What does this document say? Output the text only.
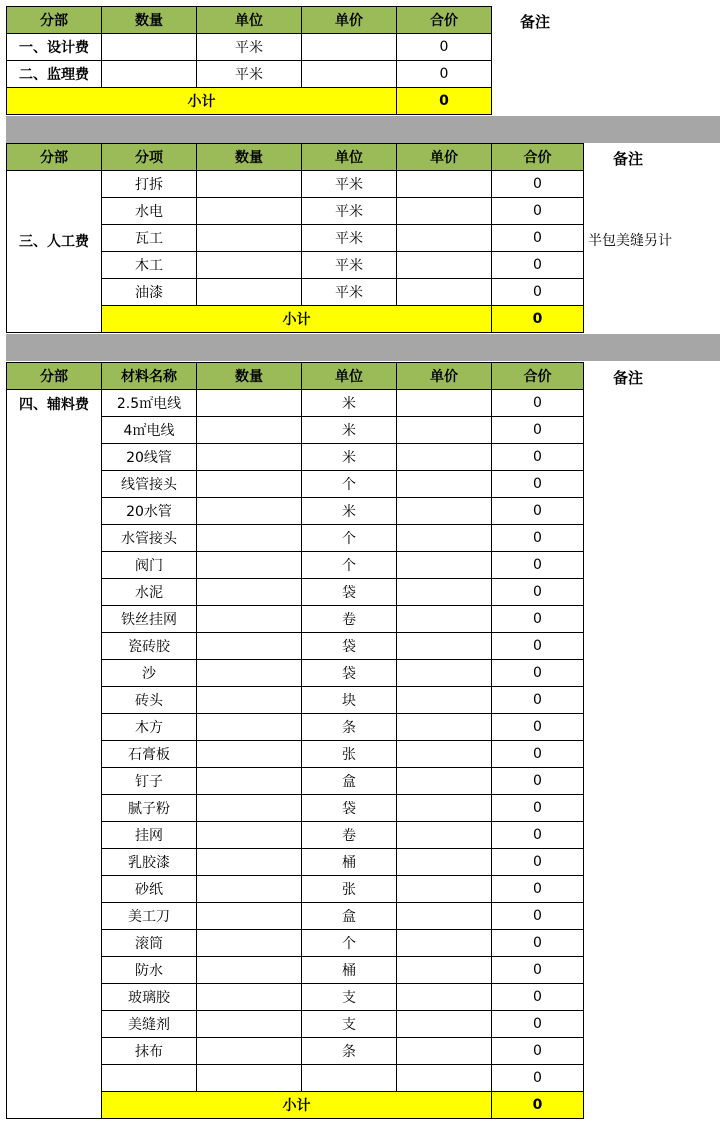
分部	数量	单位	单价	合价
一、设计费		平米		0
二、监理费		平米		0
小计				0
备注
分部	分项	数量	单位	单价	合价
三、人工费	打拆		平米		0
	水电		平米		0
	瓦工		平米		0
	木工		平米		0
	油漆		平米		0
	小计				0
备注
半包美缝另计
分部	材料名称	数量	单位	单价	合价
四、辅料费	2.5㎡电线		米		0
	4㎡电线		米		0
	20线管		米		0
	线管接头		个		0
	20水管		米		0
	水管接头		个		0
	阀门		个		0
	水泥		袋		0
	铁丝挂网		卷		0
	瓷砖胶		袋		0
	沙		袋		0
	砖头		块		0
	木方		条		0
	石膏板		张		0
	钉子		盒		0
	腻子粉		袋		0
	挂网		卷		0
	乳胶漆		桶		0
	砂纸		张		0
	美工刀		盒		0
	滚筒		个		0
	防水		桶		0
	玻璃胶		支		0
	美缝剂		支		0
	抹布		条		0
					0
	小计				0
备注
